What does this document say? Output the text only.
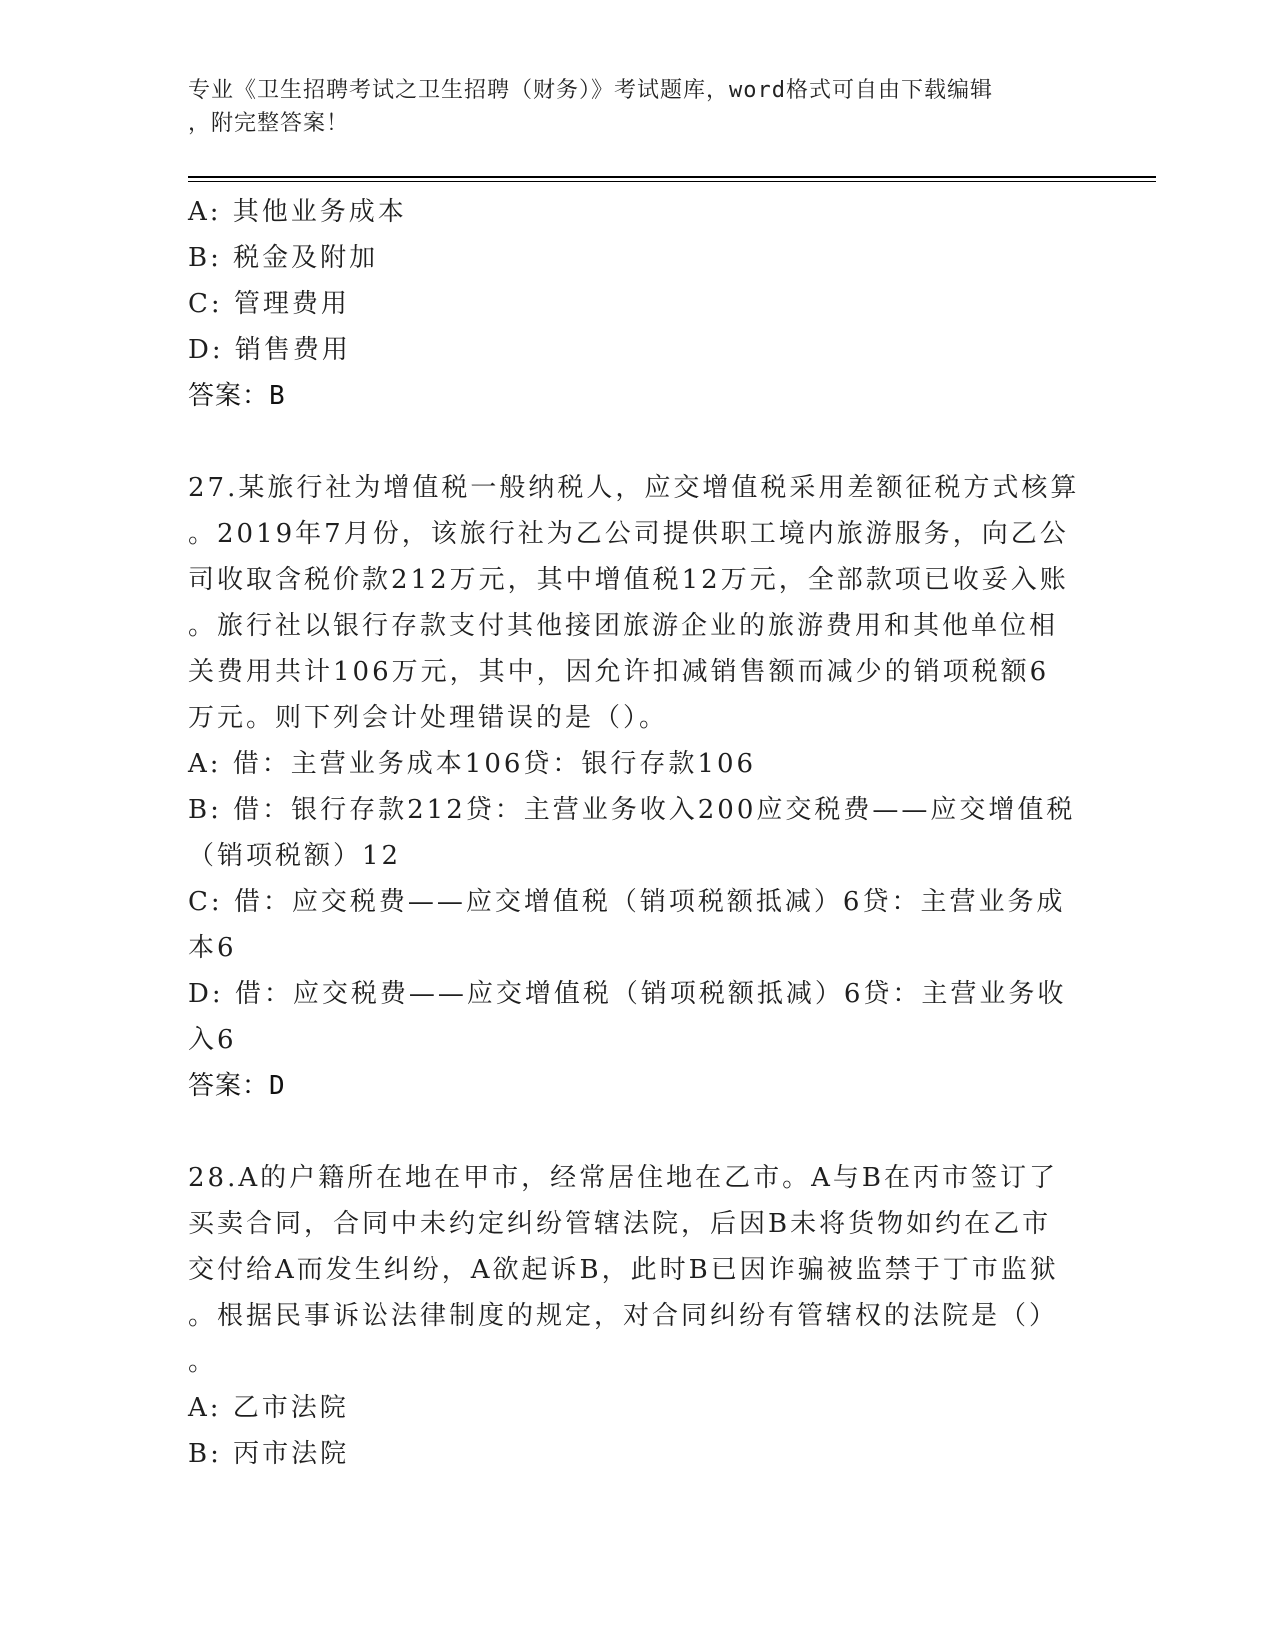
专业《卫生招聘考试之卫生招聘（财务）》考试题库，word格式可自由下载编辑
，附完整答案！
A: 其他业务成本
B: 税金及附加
C: 管理费用
D: 销售费用
答案：B
27.某旅行社为增值税一般纳税人，应交增值税采用差额征税方式核算
。2019年7月份，该旅行社为乙公司提供职工境内旅游服务，向乙公
司收取含税价款212万元，其中增值税12万元，全部款项已收妥入账
。旅行社以银行存款支付其他接团旅游企业的旅游费用和其他单位相
关费用共计106万元，其中，因允许扣减销售额而减少的销项税额6
万元。则下列会计处理错误的是（）。
A: 借：主营业务成本106贷：银行存款106
B: 借：银行存款212贷：主营业务收入200应交税费——应交增值税
（销项税额）12
C: 借：应交税费——应交增值税（销项税额抵减）6贷：主营业务成
本6
D: 借：应交税费——应交增值税（销项税额抵减）6贷：主营业务收
入6
答案：D
28.A的户籍所在地在甲市，经常居住地在乙市。A与B在丙市签订了
买卖合同，合同中未约定纠纷管辖法院，后因B未将货物如约在乙市
交付给A而发生纠纷，A欲起诉B，此时B已因诈骗被监禁于丁市监狱
。根据民事诉讼法律制度的规定，对合同纠纷有管辖权的法院是（）
。
A: 乙市法院
B: 丙市法院
